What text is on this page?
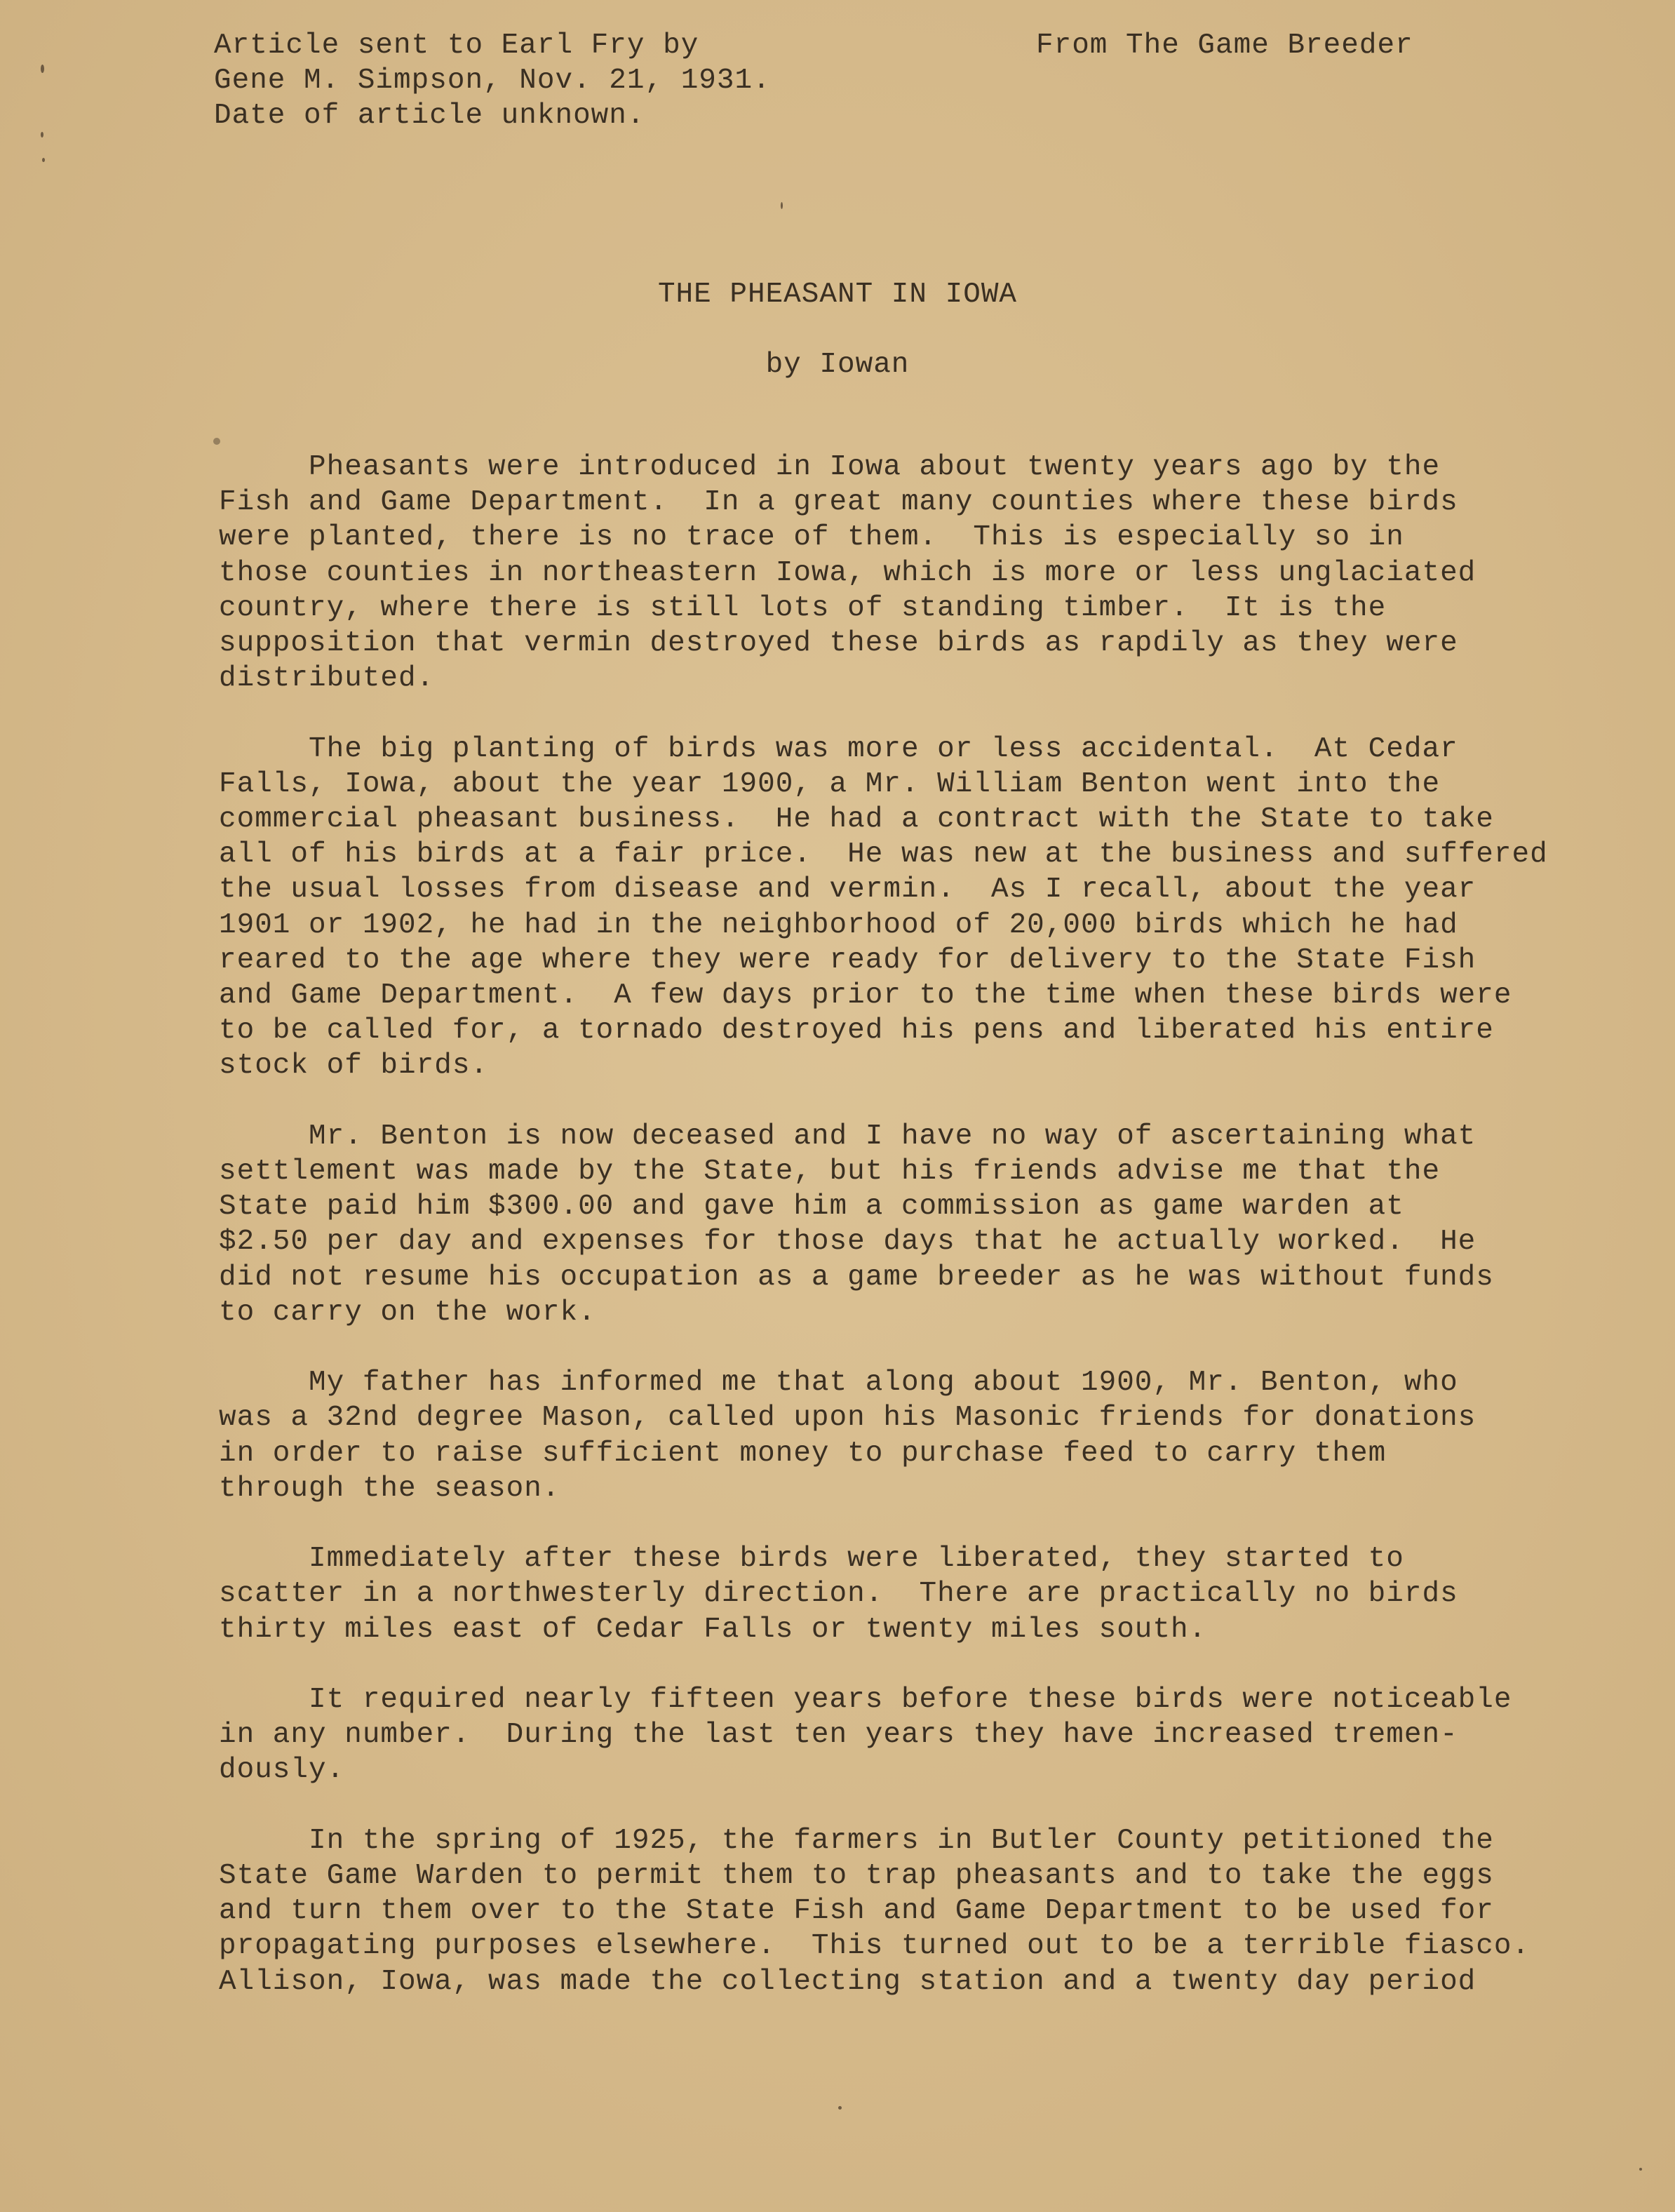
Article sent to Earl Fry by
Gene M. Simpson, Nov. 21, 1931.
Date of article unknown.
From The Game Breeder
THE PHEASANT IN IOWA
by Iowan
Pheasants were introduced in Iowa about twenty years ago by the
Fish and Game Department.  In a great many counties where these birds
were planted, there is no trace of them.  This is especially so in
those counties in northeastern Iowa, which is more or less unglaciated
country, where there is still lots of standing timber.  It is the
supposition that vermin destroyed these birds as rapdily as they were
distributed.
The big planting of birds was more or less accidental.  At Cedar
Falls, Iowa, about the year 1900, a Mr. William Benton went into the
commercial pheasant business.  He had a contract with the State to take
all of his birds at a fair price.  He was new at the business and suffered
the usual losses from disease and vermin.  As I recall, about the year
1901 or 1902, he had in the neighborhood of 20,000 birds which he had
reared to the age where they were ready for delivery to the State Fish
and Game Department.  A few days prior to the time when these birds were
to be called for, a tornado destroyed his pens and liberated his entire
stock of birds.
Mr. Benton is now deceased and I have no way of ascertaining what
settlement was made by the State, but his friends advise me that the
State paid him $300.00 and gave him a commission as game warden at
$2.50 per day and expenses for those days that he actually worked.  He
did not resume his occupation as a game breeder as he was without funds
to carry on the work.
My father has informed me that along about 1900, Mr. Benton, who
was a 32nd degree Mason, called upon his Masonic friends for donations
in order to raise sufficient money to purchase feed to carry them
through the season.
Immediately after these birds were liberated, they started to
scatter in a northwesterly direction.  There are practically no birds
thirty miles east of Cedar Falls or twenty miles south.
It required nearly fifteen years before these birds were noticeable
in any number.  During the last ten years they have increased tremen-
dously.
In the spring of 1925, the farmers in Butler County petitioned the
State Game Warden to permit them to trap pheasants and to take the eggs
and turn them over to the State Fish and Game Department to be used for
propagating purposes elsewhere.  This turned out to be a terrible fiasco.
Allison, Iowa, was made the collecting station and a twenty day period
